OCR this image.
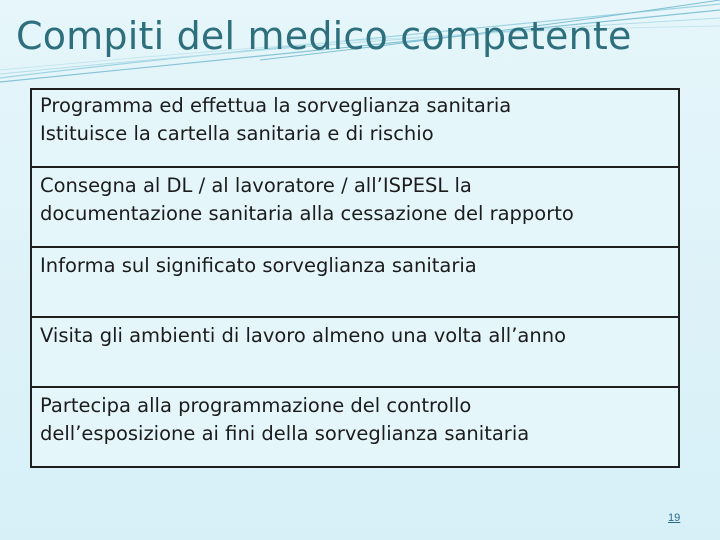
Compiti del medico competente
Programma ed effettua la sorveglianza sanitaria
Istituisce la cartella sanitaria e di rischio
Consegna al DL / al lavoratore / all’ISPESL la
documentazione sanitaria alla cessazione del rapporto
Informa sul significato sorveglianza sanitaria
Visita gli ambienti di lavoro almeno una volta all’anno
Partecipa alla programmazione del controllo
dell’esposizione ai fini della sorveglianza sanitaria
19
